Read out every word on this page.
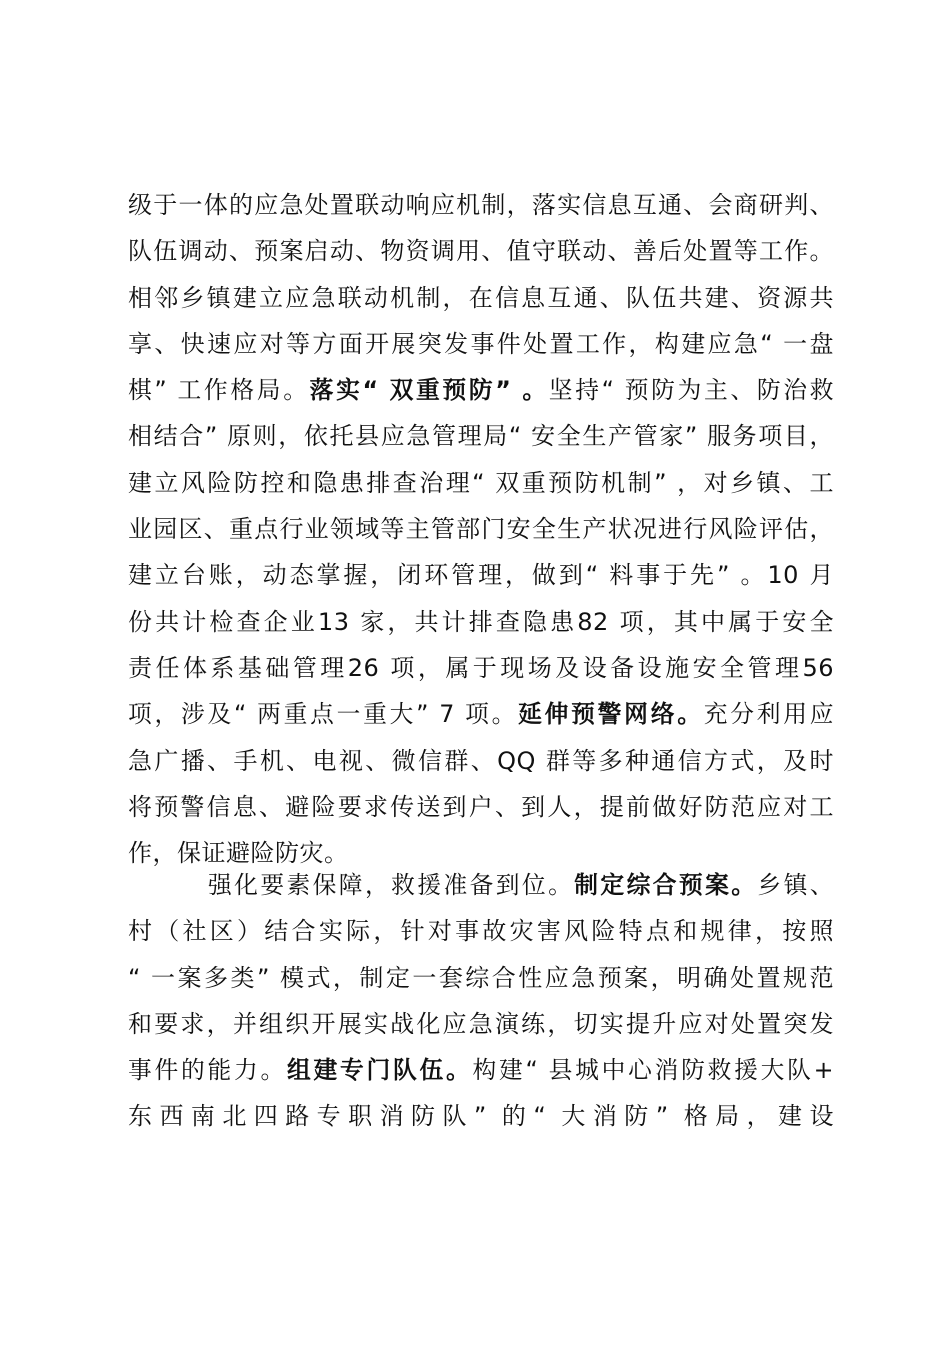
级于一体的应急处置联动响应机制，落实信息互通、会商研判、
队伍调动、预案启动、物资调用、值守联动、善后处置等工作。
相邻乡镇建立应急联动机制，在信息互通、队伍共建、资源共
享、快速应对等方面开展突发事件处置工作，构建应急“ 一盘
棋” 工作格局。落实“ 双重预防” 。坚持“ 预防为主、防治救
相结合” 原则，依托县应急管理局“ 安全生产管家” 服务项目，
建立风险防控和隐患排查治理“ 双重预防机制” ，对乡镇、工
业园区、重点行业领域等主管部门安全生产状况进行风险评估，
建立台账，动态掌握，闭环管理，做到“ 料事于先” 。10 月
份共计检查企业13 家，共计排查隐患82 项，其中属于安全
责任体系基础管理26 项，属于现场及设备设施安全管理56
项，涉及“ 两重点一重大” 7 项。延伸预警网络。充分利用应
急广播、手机、电视、微信群、QQ 群等多种通信方式，及时
将预警信息、避险要求传送到户、到人，提前做好防范应对工
作，保证避险防灾。
强化要素保障，救援准备到位。制定综合预案。乡镇、
村（社区）结合实际，针对事故灾害风险特点和规律，按照
“ 一案多类” 模式，制定一套综合性应急预案，明确处置规范
和要求，并组织开展实战化应急演练，切实提升应对处置突发
事件的能力。组建专门队伍。构建“ 县城中心消防救援大队+
东西南北四路专职消防队” 的“ 大消防” 格局，建设
